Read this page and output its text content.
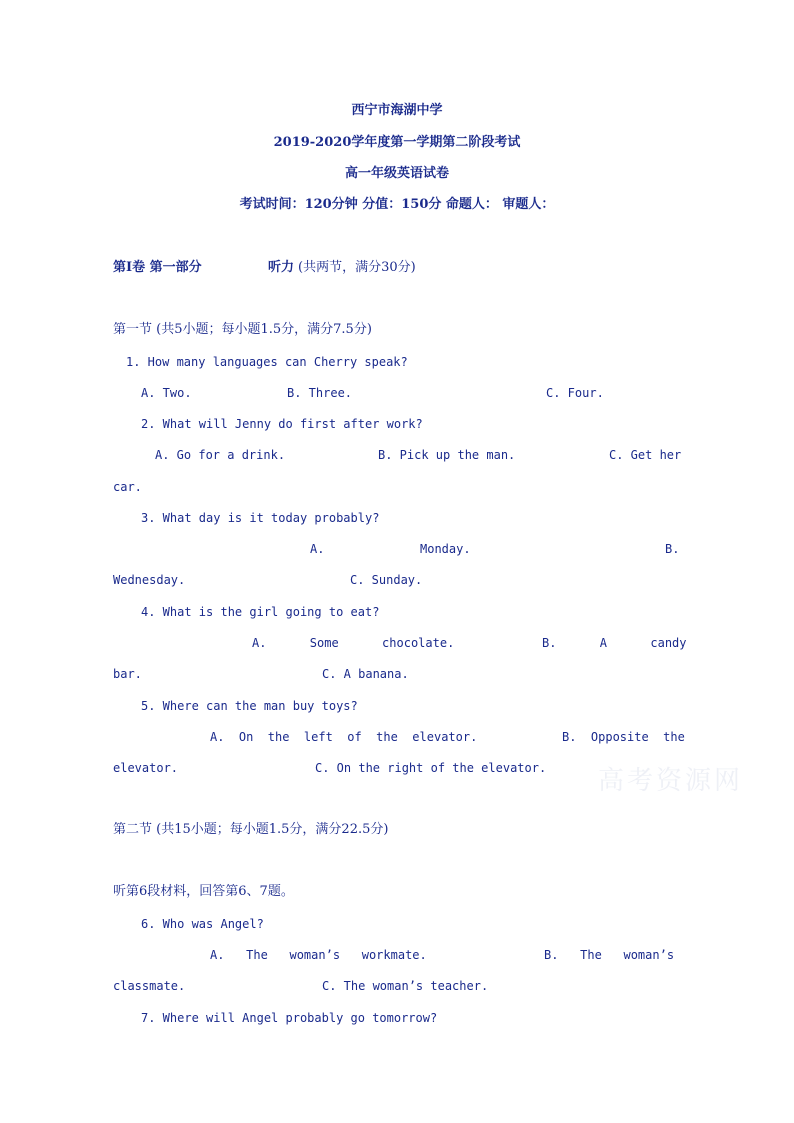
西宁市海湖中学
2019-2020学年度第一学期第二阶段考试
高一年级英语试卷
考试时间：120分钟 分值：150分 命题人： 审题人：
第Ⅰ卷 第一部分	听力 (共两节，满分30分)
第一节 (共5小题；每小题1.5分，满分7.5分)
1. How many languages can Cherry speak?
A. Two.	B. Three.	C. Four.
2. What will Jenny do first after work?
A. Go for a drink.	B. Pick up the man.	C. Get her
car.
3. What day is it today probably?
A.	Monday.	B.
Wednesday.	C. Sunday.
4. What is the girl going to eat?
A.      Some      chocolate.	B.      A      candy
bar.	C. A banana.
5. Where can the man buy toys?
A.  On  the  left  of  the  elevator.	B.  Opposite  the
elevator.	C. On the right of the elevator. 高考资源网
第二节 (共15小题；每小题1.5分，满分22.5分)
听第6段材料，回答第6、7题。
6. Who was Angel?
A.   The   woman’s   workmate.	B.   The   woman’s
classmate.	C. The woman’s teacher.
7. Where will Angel probably go tomorrow?
